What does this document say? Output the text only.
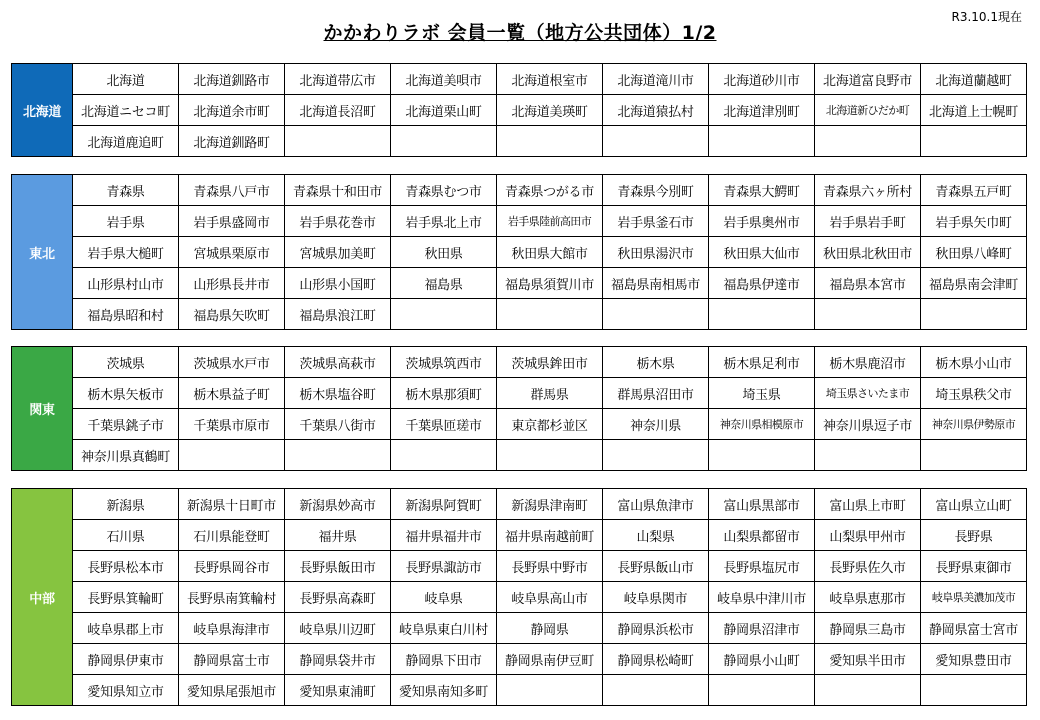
かかわりラボ 会員一覧（地方公共団体）1/2
R3.10.1現在
北海道	北海道	北海道釧路市	北海道帯広市	北海道美唄市	北海道根室市	北海道滝川市	北海道砂川市	北海道富良野市	北海道蘭越町
	北海道ニセコ町	北海道余市町	北海道長沼町	北海道栗山町	北海道美瑛町	北海道猿払村	北海道津別町	北海道新ひだか町	北海道上士幌町
	北海道鹿追町	北海道釧路町							
東北	青森県	青森県八戸市	青森県十和田市	青森県むつ市	青森県つがる市	青森県今別町	青森県大鰐町	青森県六ヶ所村	青森県五戸町
	岩手県	岩手県盛岡市	岩手県花巻市	岩手県北上市	岩手県陸前高田市	岩手県釜石市	岩手県奥州市	岩手県岩手町	岩手県矢巾町
	岩手県大槌町	宮城県栗原市	宮城県加美町	秋田県	秋田県大館市	秋田県湯沢市	秋田県大仙市	秋田県北秋田市	秋田県八峰町
	山形県村山市	山形県長井市	山形県小国町	福島県	福島県須賀川市	福島県南相馬市	福島県伊達市	福島県本宮市	福島県南会津町
	福島県昭和村	福島県矢吹町	福島県浪江町						
関東	茨城県	茨城県水戸市	茨城県高萩市	茨城県筑西市	茨城県鉾田市	栃木県	栃木県足利市	栃木県鹿沼市	栃木県小山市
	栃木県矢板市	栃木県益子町	栃木県塩谷町	栃木県那須町	群馬県	群馬県沼田市	埼玉県	埼玉県さいたま市	埼玉県秩父市
	千葉県銚子市	千葉県市原市	千葉県八街市	千葉県匝瑳市	東京都杉並区	神奈川県	神奈川県相模原市	神奈川県逗子市	神奈川県伊勢原市
	神奈川県真鶴町								
中部	新潟県	新潟県十日町市	新潟県妙高市	新潟県阿賀町	新潟県津南町	富山県魚津市	富山県黒部市	富山県上市町	富山県立山町
	石川県	石川県能登町	福井県	福井県福井市	福井県南越前町	山梨県	山梨県都留市	山梨県甲州市	長野県
	長野県松本市	長野県岡谷市	長野県飯田市	長野県諏訪市	長野県中野市	長野県飯山市	長野県塩尻市	長野県佐久市	長野県東御市
	長野県箕輪町	長野県南箕輪村	長野県高森町	岐阜県	岐阜県高山市	岐阜県関市	岐阜県中津川市	岐阜県恵那市	岐阜県美濃加茂市
	岐阜県郡上市	岐阜県海津市	岐阜県川辺町	岐阜県東白川村	静岡県	静岡県浜松市	静岡県沼津市	静岡県三島市	静岡県富士宮市
	静岡県伊東市	静岡県富士市	静岡県袋井市	静岡県下田市	静岡県南伊豆町	静岡県松崎町	静岡県小山町	愛知県半田市	愛知県豊田市
	愛知県知立市	愛知県尾張旭市	愛知県東浦町	愛知県南知多町					
